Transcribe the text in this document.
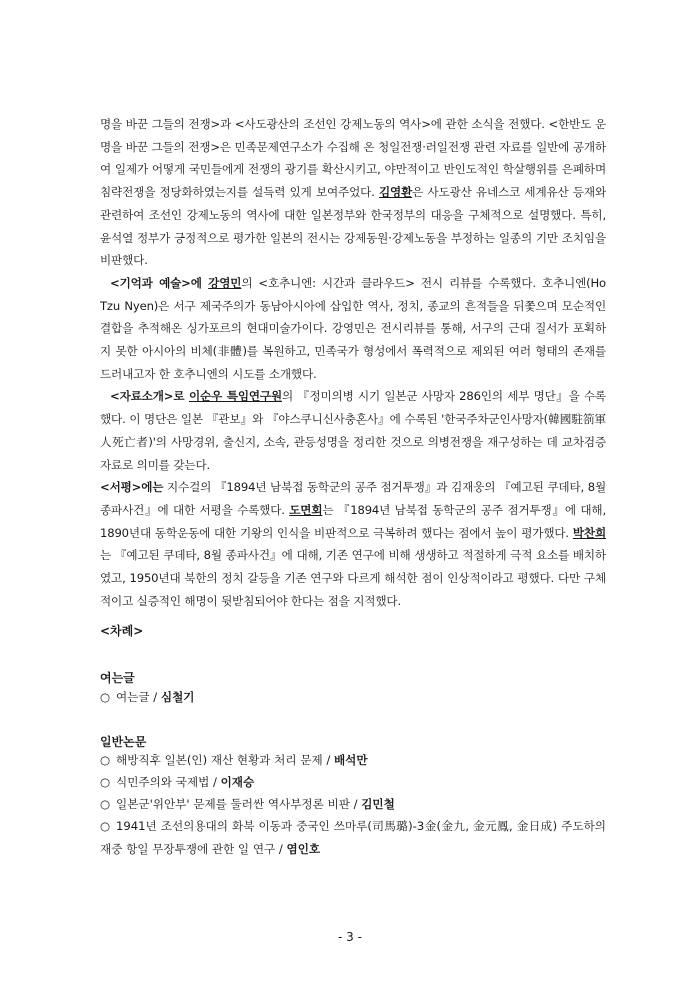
명을 바꾼 그들의 전쟁>과 <사도광산의 조선인 강제노동의 역사>에 관한 소식을 전했다. <한반도 운명을 바꾼 그들의 전쟁>은 민족문제연구소가 수집해 온 청일전쟁·러일전쟁 관련 자료를 일반에 공개하여 일제가 어떻게 국민들에게 전쟁의 광기를 확산시키고, 야만적이고 반인도적인 학살행위를 은폐하며 침략전쟁을 정당화하였는지를 설득력 있게 보여주었다. 김영환은 사도광산 유네스코 세계유산 등재와 관련하여 조선인 강제노동의 역사에 대한 일본정부와 한국정부의 대응을 구체적으로 설명했다. 특히, 윤석열 정부가 긍정적으로 평가한 일본의 전시는 강제동원·강제노동을 부정하는 일종의 기만 조치임을 비판했다.

<기억과 예술>에 강영민의 <호추니엔: 시간과 클라우드> 전시 리뷰를 수록했다. 호추니엔(Ho Tzu Nyen)은 서구 제국주의가 동남아시아에 삽입한 역사, 정치, 종교의 흔적들을 뒤쫓으며 모순적인 결합을 추적해온 싱가포르의 현대미술가이다. 강영민은 전시리뷰를 통해, 서구의 근대 질서가 포획하지 못한 아시아의 비체(非體)를 복원하고, 민족국가 형성에서 폭력적으로 제외된 여러 형태의 존재를 드러내고자 한 호추니엔의 시도를 소개했다.

<자료소개>로 이순우 특임연구원의 『정미의병 시기 일본군 사망자 286인의 세부 명단』을 수록했다. 이 명단은 일본 『관보』와 『야스쿠니신사충혼사』에 수록된 '한국주차군인사망자(韓國駐箚軍人死亡者)'의 사망경위, 출신지, 소속, 관등성명을 정리한 것으로 의병전쟁을 재구성하는 데 교차검증 자료로 의미를 갖는다.

<서평>에는 지수걸의 『1894년 남북접 동학군의 공주 점거투쟁』과 김재웅의 『예고된 쿠데타, 8월 종파사건』에 대한 서평을 수록했다. 도면회는 『1894년 남북접 동학군의 공주 점거투쟁』에 대해, 1890년대 동학운동에 대한 기왕의 인식을 비판적으로 극복하려 했다는 점에서 높이 평가했다. 박찬희는 『예고된 쿠데타, 8월 종파사건』에 대해, 기존 연구에 비해 생생하고 적절하게 극적 요소를 배치하였고, 1950년대 북한의 정치 갈등을 기존 연구와 다르게 해석한 점이 인상적이라고 평했다. 다만 구체적이고 실증적인 해명이 뒷받침되어야 한다는 점을 지적했다.

<차례>
여는글
○ 여는글 / 심철기
일반논문
○ 해방직후 일본(인) 재산 현황과 처리 문제 / 배석만
○ 식민주의와 국제법 / 이재승
○ 일본군'위안부' 문제를 둘러싼 역사부정론 비판 / 김민철
○ 1941년 조선의용대의 화북 이동과 중국인 쓰마루(司馬璐)-3金(金九, 金元鳳, 金日成) 주도하의 재중 항일 무장투쟁에 관한 일 연구 / 염인호
- 3 -
